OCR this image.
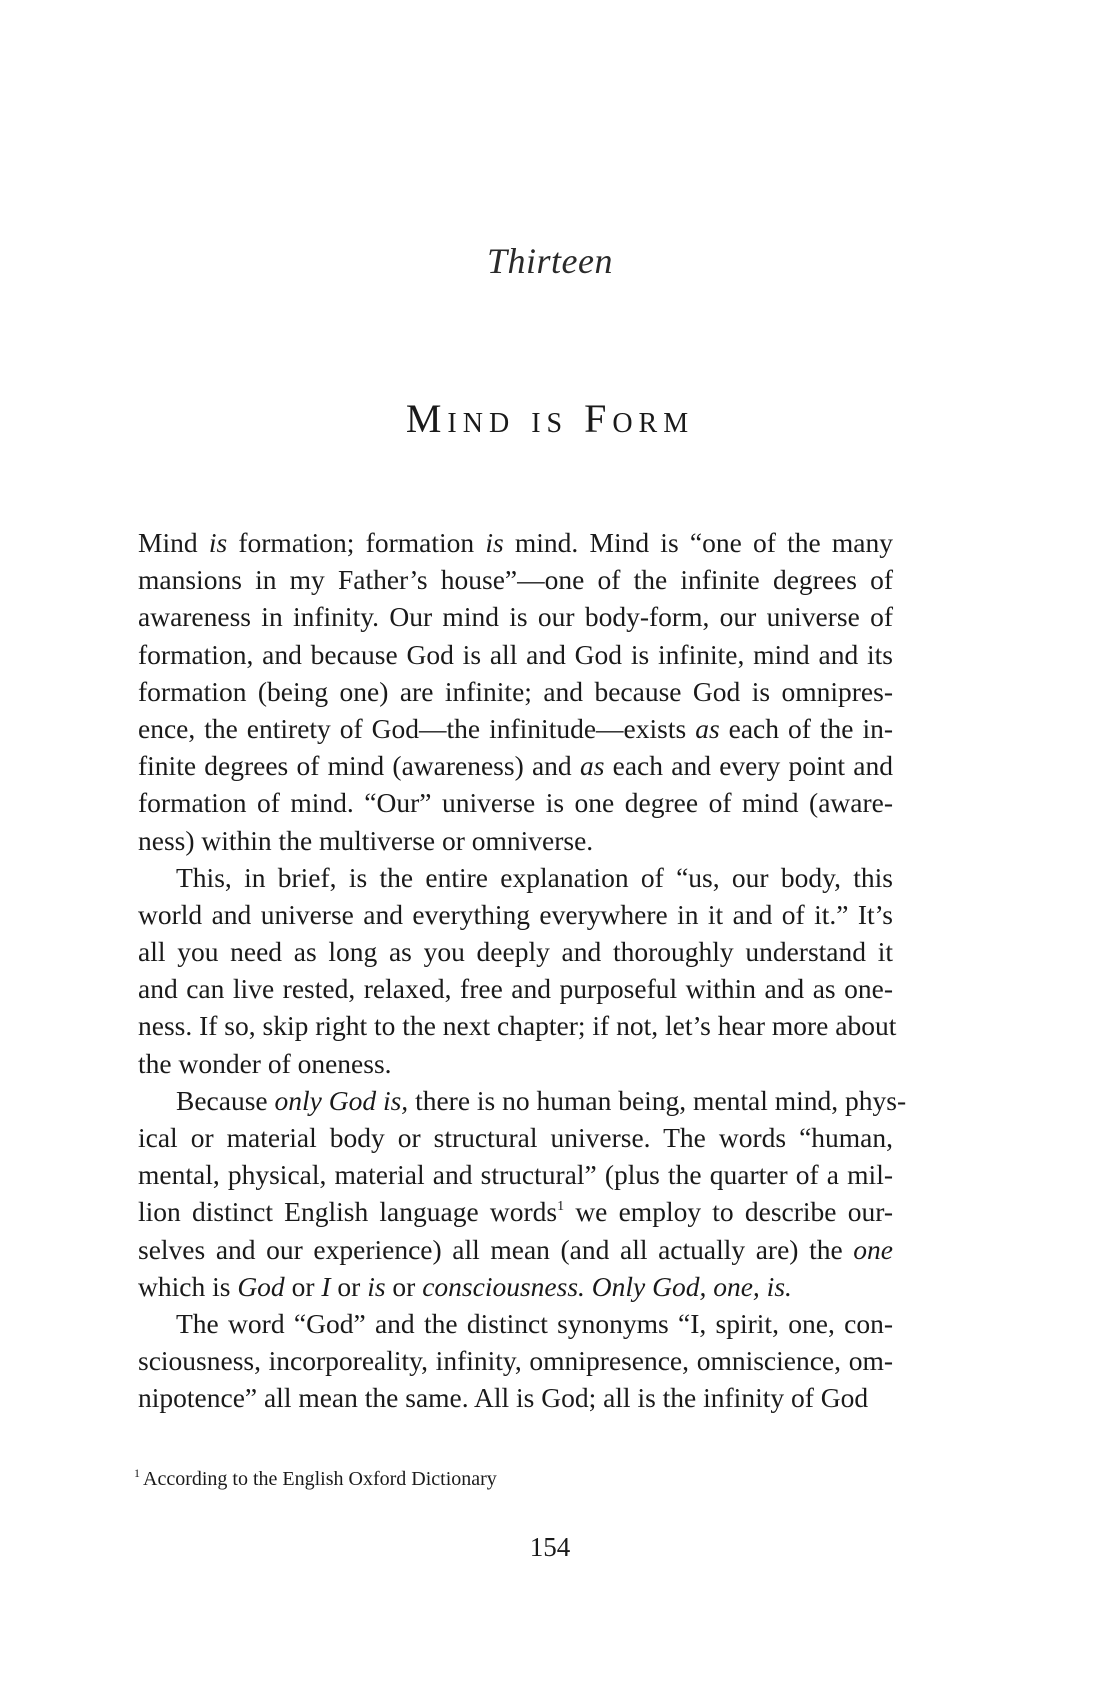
Thirteen
Mind is Form
Mind is formation; formation is mind. Mind is “one of the many
mansions in my Father’s house”—one of the infinite degrees of
awareness in infinity. Our mind is our body-form, our universe of
formation, and because God is all and God is infinite, mind and its
formation (being one) are infinite; and because God is omnipres-
ence, the entirety of God—the infinitude—exists as each of the in-
finite degrees of mind (awareness) and as each and every point and
formation of mind. “Our” universe is one degree of mind (aware-
ness) within the multiverse or omniverse.
This, in brief, is the entire explanation of “us, our body, this
world and universe and everything everywhere in it and of it.” It’s
all you need as long as you deeply and thoroughly understand it
and can live rested, relaxed, free and purposeful within and as one-
ness. If so, skip right to the next chapter; if not, let’s hear more about
the wonder of oneness.
Because only God is, there is no human being, mental mind, phys-
ical or material body or structural universe. The words “human,
mental, physical, material and structural” (plus the quarter of a mil-
lion distinct English language words$^1$ we employ to describe our-
selves and our experience) all mean (and all actually are) the one
which is God or I or is or consciousness. Only God, one, is.
The word “God” and the distinct synonyms “I, spirit, one, con-
sciousness, incorporeality, infinity, omnipresence, omniscience, om-
nipotence” all mean the same. All is God; all is the infinity of God
$^1$ According to the English Oxford Dictionary
154
